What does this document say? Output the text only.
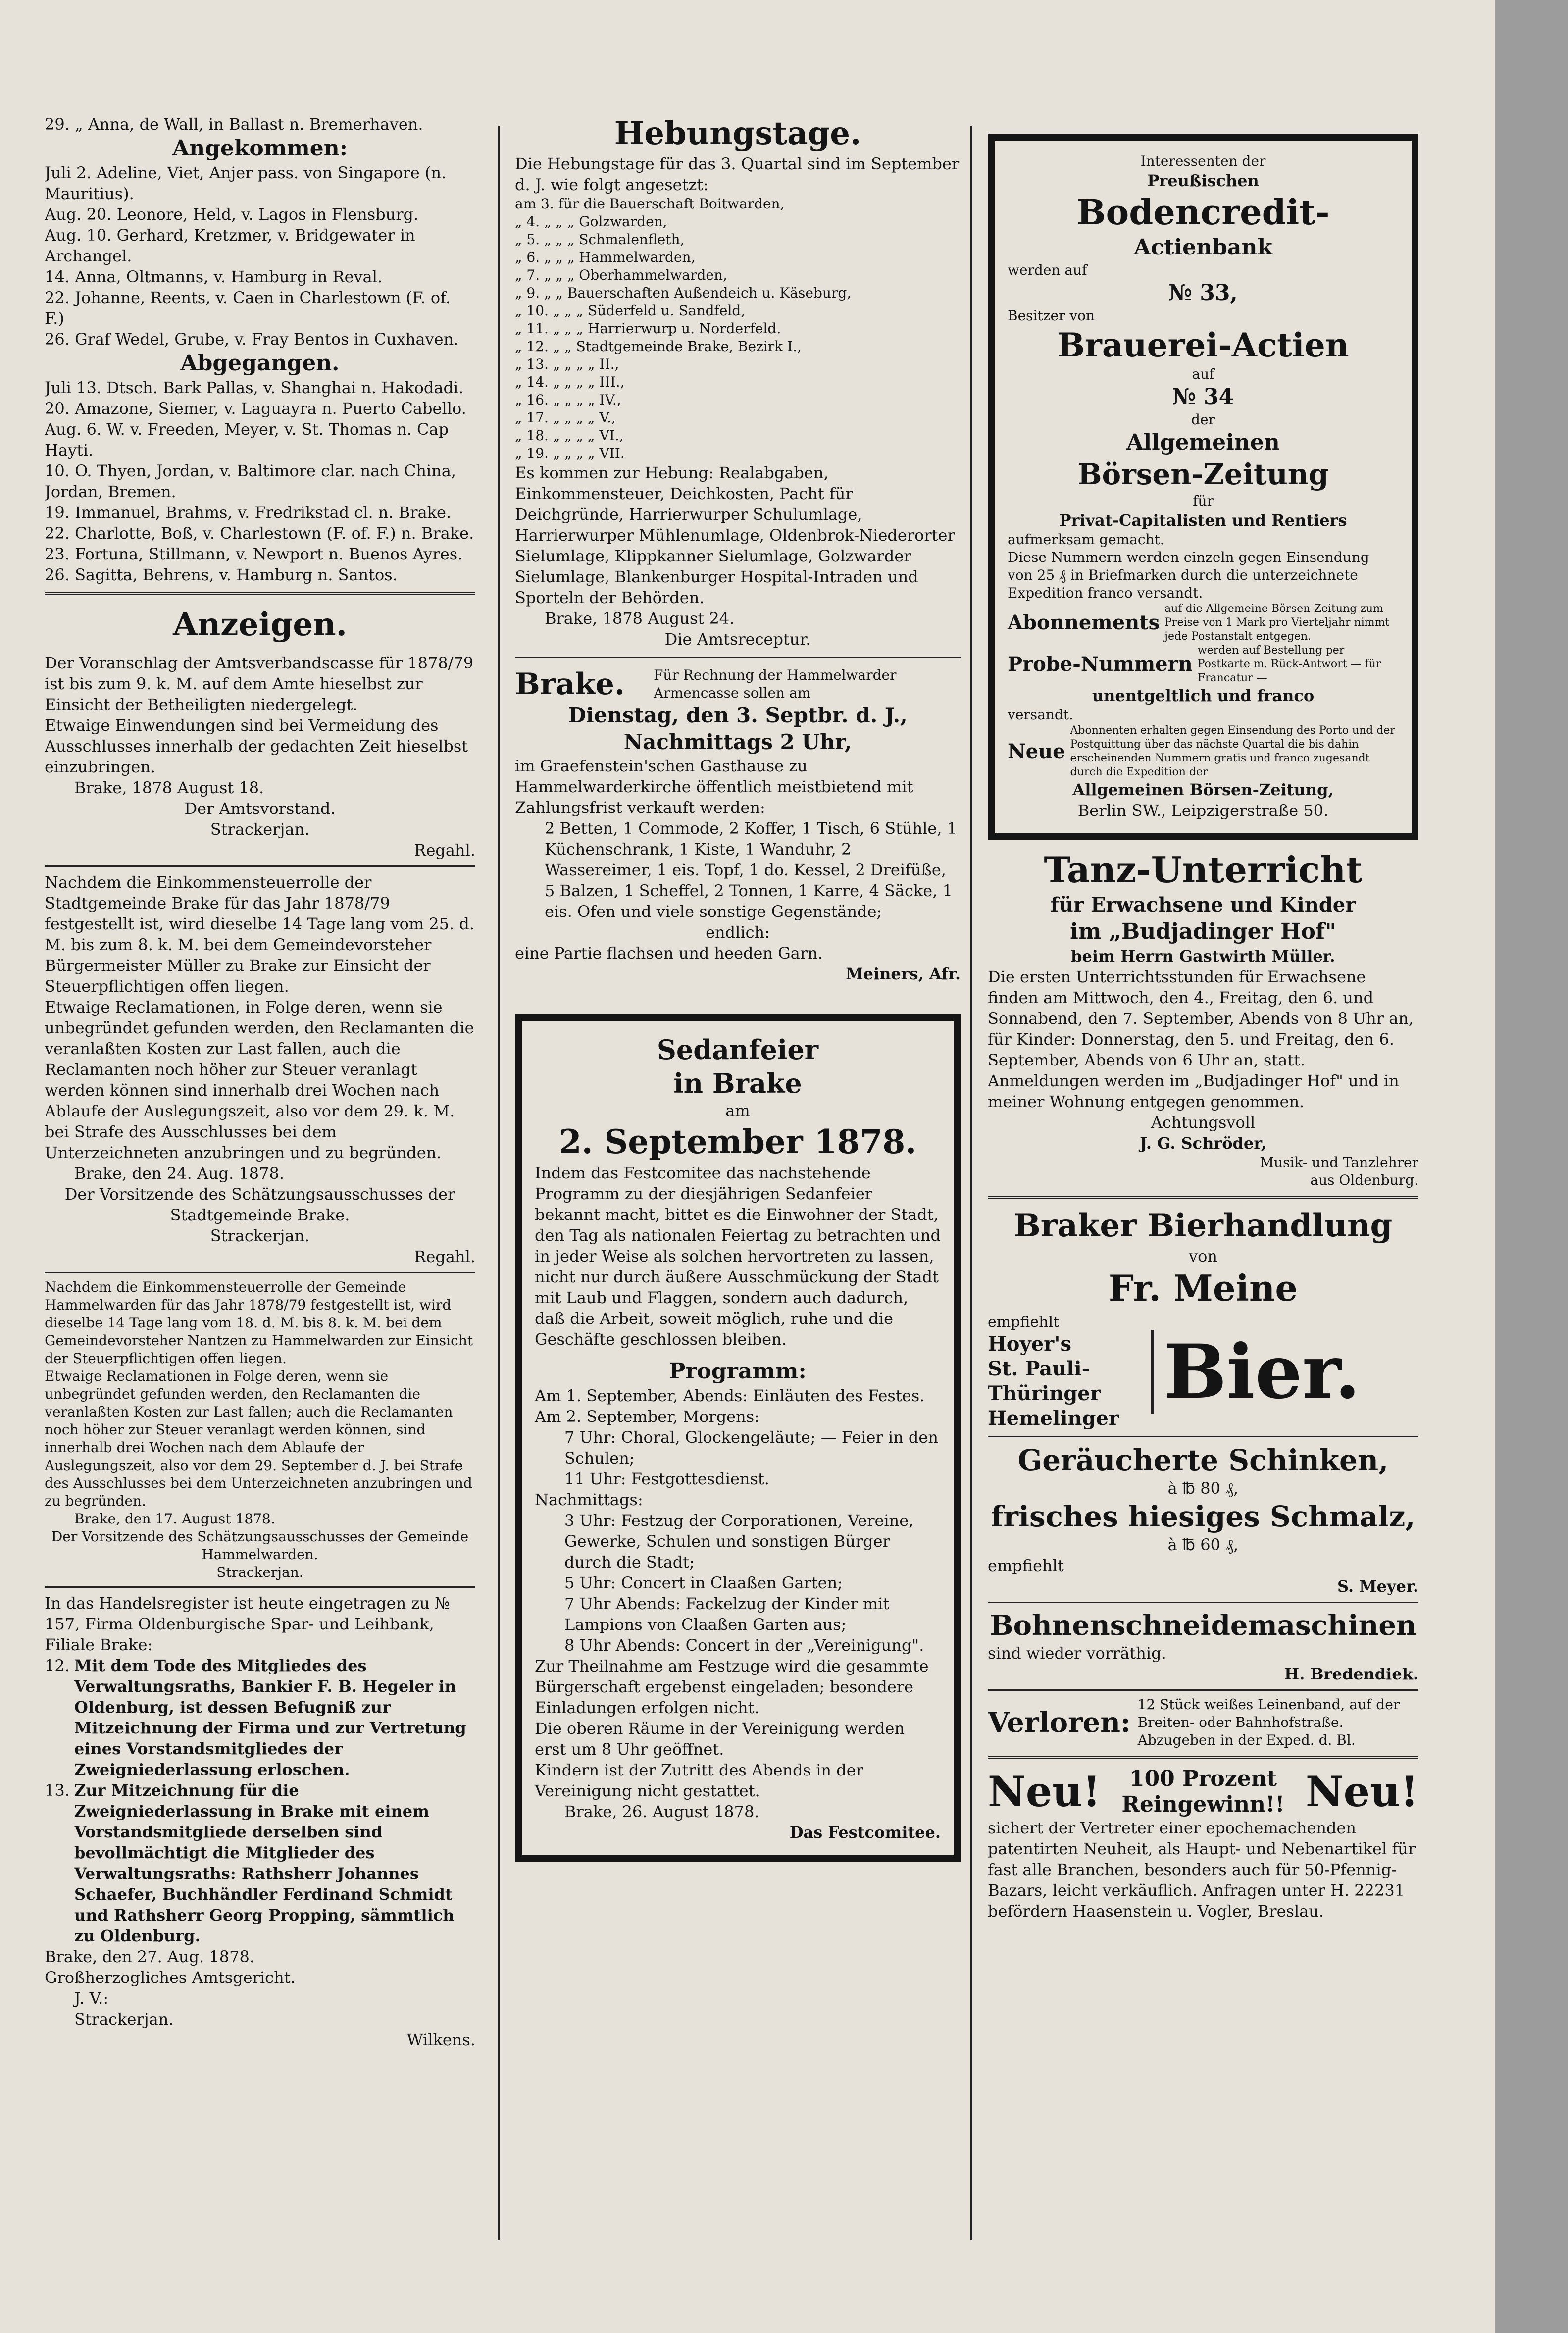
29. „ Anna, de Wall, in Ballast n. Bremerhaven.

Angekommen:

Juli 2. Adeline, Viet, Anjer pass. von Singapore (n. Mauritius).

Aug. 20. Leonore, Held, v. Lagos in Flensburg.

Aug. 10. Gerhard, Kretzmer, v. Bridgewater in Archangel.

14. Anna, Oltmanns, v. Hamburg in Reval.

22. Johanne, Reents, v. Caen in Charlestown (F. of. F.)

26. Graf Wedel, Grube, v. Fray Bentos in Cuxhaven.

Abgegangen.

Juli 13. Dtsch. Bark Pallas, v. Shanghai n. Hakodadi.

20. Amazone, Siemer, v. Laguayra n. Puerto Cabello.

Aug. 6. W. v. Freeden, Meyer, v. St. Thomas n. Cap Hayti.

10. O. Thyen, Jordan, v. Baltimore clar. nach China, Jordan, Bremen.

19. Immanuel, Brahms, v. Fredrikstad cl. n. Brake.

22. Charlotte, Boß, v. Charlestown (F. of. F.) n. Brake.

23. Fortuna, Stillmann, v. Newport n. Buenos Ayres.

26. Sagitta, Behrens, v. Hamburg n. Santos.

Anzeigen.

Der Voranschlag der Amtsverbandscasse für 1878/79 ist bis zum 9. k. M. auf dem Amte hieselbst zur Einsicht der Betheiligten niedergelegt.

Etwaige Einwendungen sind bei Vermeidung des Ausschlusses innerhalb der gedachten Zeit hieselbst einzubringen.

Brake, 1878 August 18.

Der Amtsvorstand.

Strackerjan.

Regahl.

Nachdem die Einkommensteuerrolle der Stadtgemeinde Brake für das Jahr 1878/79 festgestellt ist, wird dieselbe 14 Tage lang vom 25. d. M. bis zum 8. k. M. bei dem Gemeindevorsteher Bürgermeister Müller zu Brake zur Einsicht der Steuerpflichtigen offen liegen.

Etwaige Reclamationen, in Folge deren, wenn sie unbegründet gefunden werden, den Reclamanten die veranlaßten Kosten zur Last fallen, auch die Reclamanten noch höher zur Steuer veranlagt werden können sind innerhalb drei Wochen nach Ablaufe der Auslegungszeit, also vor dem 29. k. M. bei Strafe des Ausschlusses bei dem Unterzeichneten anzubringen und zu begründen.

Brake, den 24. Aug. 1878.

Der Vorsitzende des Schätzungsausschusses der Stadtgemeinde Brake.

Strackerjan.

Regahl.

Nachdem die Einkommensteuerrolle der Gemeinde Hammelwarden für das Jahr 1878/79 festgestellt ist, wird dieselbe 14 Tage lang vom 18. d. M. bis 8. k. M. bei dem Gemeindevorsteher Nantzen zu Hammelwarden zur Einsicht der Steuerpflichtigen offen liegen.

Etwaige Reclamationen in Folge deren, wenn sie unbegründet gefunden werden, den Reclamanten die veranlaßten Kosten zur Last fallen; auch die Reclamanten noch höher zur Steuer veranlagt werden können, sind innerhalb drei Wochen nach dem Ablaufe der Auslegungszeit, also vor dem 29. September d. J. bei Strafe des Ausschlusses bei dem Unterzeichneten anzubringen und zu begründen.

Brake, den 17. August 1878.

Der Vorsitzende des Schätzungsausschusses der Gemeinde Hammelwarden.

Strackerjan.

In das Handelsregister ist heute eingetragen zu № 157, Firma Oldenburgische Spar- und Leihbank, Filiale Brake:

12. Mit dem Tode des Mitgliedes des Verwaltungsraths, Bankier F. B. Hegeler in Oldenburg, ist dessen Befugniß zur Mitzeichnung der Firma und zur Vertretung eines Vorstandsmitgliedes der Zweigniederlassung erloschen.
13. Zur Mitzeichnung für die Zweigniederlassung in Brake mit einem Vorstandsmitgliede derselben sind bevollmächtigt die Mitglieder des Verwaltungsraths: Rathsherr Johannes Schaefer, Buchhändler Ferdinand Schmidt und Rathsherr Georg Propping, sämmtlich zu Oldenburg.

Brake, den 27. Aug. 1878.

Großherzogliches Amtsgericht.

J. V.:

Strackerjan.

Wilkens.

Hebungstage.

Die Hebungstage für das 3. Quartal sind im September d. J. wie folgt angesetzt:

am 3. für die Bauerschaft Boitwarden,

„ 4. „ „ „ Golzwarden,

„ 5. „ „ „ Schmalenfleth,

„ 6. „ „ „ Hammelwarden,

„ 7. „ „ „ Oberhammelwarden,

„ 9. „ „ Bauerschaften Außendeich u. Käseburg,

„ 10. „ „ „ Süderfeld u. Sandfeld,

„ 11. „ „ „ Harrierwurp u. Norderfeld.

„ 12. „ „ Stadtgemeinde Brake, Bezirk I.,

„ 13. „ „ „ „ II.,

„ 14. „ „ „ „ III.,

„ 16. „ „ „ „ IV.,

„ 17. „ „ „ „ V.,

„ 18. „ „ „ „ VI.,

„ 19. „ „ „ „ VII.

Es kommen zur Hebung: Realabgaben, Einkommensteuer, Deichkosten, Pacht für Deichgründe, Harrierwurper Schulumlage, Harrierwurper Mühlenumlage, Oldenbrok-Niederorter Sielumlage, Klippkanner Sielumlage, Golzwarder Sielumlage, Blankenburger Hospital-Intraden und Sporteln der Behörden.

Brake, 1878 August 24.

Die Amtsreceptur.

Brake.	Für Rechnung der Hammelwarder Armencasse sollen am

Dienstag, den 3. Septbr. d. J.,

Nachmittags 2 Uhr,

im Graefenstein'schen Gasthause zu Hammelwarderkirche öffentlich meistbietend mit Zahlungsfrist verkauft werden:

2 Betten, 1 Commode, 2 Koffer, 1 Tisch, 6 Stühle, 1 Küchenschrank, 1 Kiste, 1 Wanduhr, 2 Wassereimer, 1 eis. Topf, 1 do. Kessel, 2 Dreifüße, 5 Balzen, 1 Scheffel, 2 Tonnen, 1 Karre, 4 Säcke, 1 eis. Ofen und viele sonstige Gegenstände;

endlich:

eine Partie flachsen und heeden Garn.

Meiners, Afr.

Sedanfeier

in Brake

am

2. September 1878.

Indem das Festcomitee das nachstehende Programm zu der diesjährigen Sedanfeier bekannt macht, bittet es die Einwohner der Stadt, den Tag als nationalen Feiertag zu betrachten und in jeder Weise als solchen hervortreten zu lassen, nicht nur durch äußere Ausschmückung der Stadt mit Laub und Flaggen, sondern auch dadurch, daß die Arbeit, soweit möglich, ruhe und die Geschäfte geschlossen bleiben.

Programm:

Am 1. September, Abends: Einläuten des Festes.

Am 2. September, Morgens:

7 Uhr: Choral, Glockengeläute; — Feier in den Schulen;

11 Uhr: Festgottesdienst.

Nachmittags:

3 Uhr: Festzug der Corporationen, Vereine, Gewerke, Schulen und sonstigen Bürger durch die Stadt;

5 Uhr: Concert in Claaßen Garten;

7 Uhr Abends: Fackelzug der Kinder mit Lampions von Claaßen Garten aus;

8 Uhr Abends: Concert in der „Vereinigung".

Zur Theilnahme am Festzuge wird die gesammte Bürgerschaft ergebenst eingeladen; besondere Einladungen erfolgen nicht.

Die oberen Räume in der Vereinigung werden erst um 8 Uhr geöffnet.

Kindern ist der Zutritt des Abends in der Vereinigung nicht gestattet.

Brake, 26. August 1878.

Das Festcomitee.

Interessenten der

Preußischen

Bodencredit-

Actienbank

werden auf

№ 33,

Besitzer von

Brauerei-Actien

auf

№ 34

der

Allgemeinen

Börsen-Zeitung

für

Privat-Capitalisten und Rentiers

aufmerksam gemacht.

Diese Nummern werden einzeln gegen Einsendung von 25 ₰ in Briefmarken durch die unterzeichnete Expedition franco versandt.

Abonnements
auf die Allgemeine Börsen-Zeitung zum Preise von 1 Mark pro Vierteljahr nimmt jede Postanstalt entgegen.
Probe-Nummern
werden auf Bestellung per Postkarte m. Rück-Antwort — für Francatur —

unentgeltlich und franco

versandt.

Neue
Abonnenten erhalten gegen Einsendung des Porto und der Postquittung über das nächste Quartal die bis dahin erscheinenden Nummern gratis und franco zugesandt durch die Expedition der

Allgemeinen Börsen-Zeitung,

Berlin SW., Leipzigerstraße 50.

Tanz-Unterricht

für Erwachsene und Kinder

im „Budjadinger Hof"

beim Herrn Gastwirth Müller.

Die ersten Unterrichtsstunden für Erwachsene finden am Mittwoch, den 4., Freitag, den 6. und Sonnabend, den 7. September, Abends von 8 Uhr an, für Kinder: Donnerstag, den 5. und Freitag, den 6. September, Abends von 6 Uhr an, statt. Anmeldungen werden im „Budjadinger Hof" und in meiner Wohnung entgegen genommen.

Achtungsvoll

J. G. Schröder,

Musik- und Tanzlehrer

aus Oldenburg.

Braker Bierhandlung

von

Fr. Meine

empfiehlt
Hoyer's
St. Pauli-
Thüringer
Hemelinger
Bier.

Geräucherte Schinken,

à ℔ 80 ₰,

frisches hiesiges Schmalz,

à ℔ 60 ₰,

empfiehlt

S. Meyer.

Bohnenschneidemaschinen

sind wieder vorräthig.

H. Bredendiek.

Verloren:
12 Stück weißes Leinenband, auf der Breiten- oder Bahnhofstraße. Abzugeben in der Exped. d. Bl.
Neu!	100 Prozent
Reingewinn!! Neu!

sichert der Vertreter einer epochemachenden patentirten Neuheit, als Haupt- und Nebenartikel für fast alle Branchen, besonders auch für 50-Pfennig-Bazars, leicht verkäuflich. Anfragen unter H. 22231 befördern Haasenstein u. Vogler, Breslau.
